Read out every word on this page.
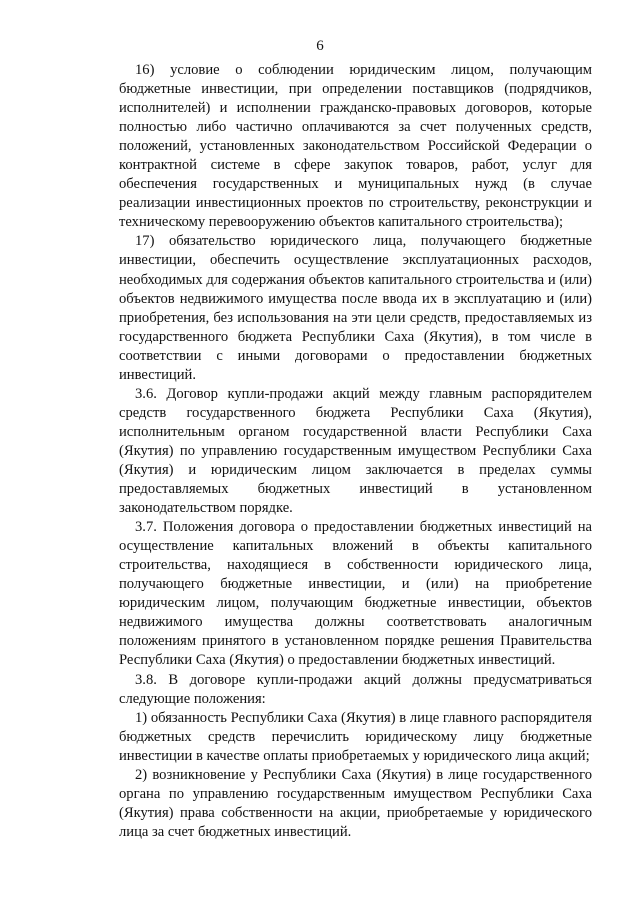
6

16) условие о соблюдении юридическим лицом, получающим бюджетные инвестиции, при определении поставщиков (подрядчиков, исполнителей) и исполнении гражданско-правовых договоров, которые полностью либо частично оплачиваются за счет полученных средств, положений, установленных законодательством Российской Федерации о контрактной системе в сфере закупок товаров, работ, услуг для обеспечения государственных и муниципальных нужд (в случае реализации инвестиционных проектов по строительству, реконструкции и техническому перевооружению объектов капитального строительства);

17) обязательство юридического лица, получающего бюджетные инвестиции, обеспечить осуществление эксплуатационных расходов, необходимых для содержания объектов капитального строительства и (или) объектов недвижимого имущества после ввода их в эксплуатацию и (или) приобретения, без использования на эти цели средств, предоставляемых из государственного бюджета Республики Саха (Якутия), в том числе в соответствии с иными договорами о предоставлении бюджетных инвестиций.

3.6. Договор купли-продажи акций между главным распорядителем средств государственного бюджета Республики Саха (Якутия), исполнительным органом государственной власти Республики Саха (Якутия) по управлению государственным имуществом Республики Саха (Якутия) и юридическим лицом заключается в пределах суммы предоставляемых бюджетных инвестиций в установленном законодательством порядке.

3.7. Положения договора о предоставлении бюджетных инвестиций на осуществление капитальных вложений в объекты капитального строительства, находящиеся в собственности юридического лица, получающего бюджетные инвестиции, и (или) на приобретение юридическим лицом, получающим бюджетные инвестиции, объектов недвижимого имущества должны соответствовать аналогичным положениям принятого в установленном порядке решения Правительства Республики Саха (Якутия) о предоставлении бюджетных инвестиций.

3.8. В договоре купли-продажи акций должны предусматриваться следующие положения:

1) обязанность Республики Саха (Якутия) в лице главного распорядителя бюджетных средств перечислить юридическому лицу бюджетные инвестиции в качестве оплаты приобретаемых у юридического лица акций;

2) возникновение у Республики Саха (Якутия) в лице государственного органа по управлению государственным имуществом Республики Саха (Якутия) права собственности на акции, приобретаемые у юридического лица за счет бюджетных инвестиций.
